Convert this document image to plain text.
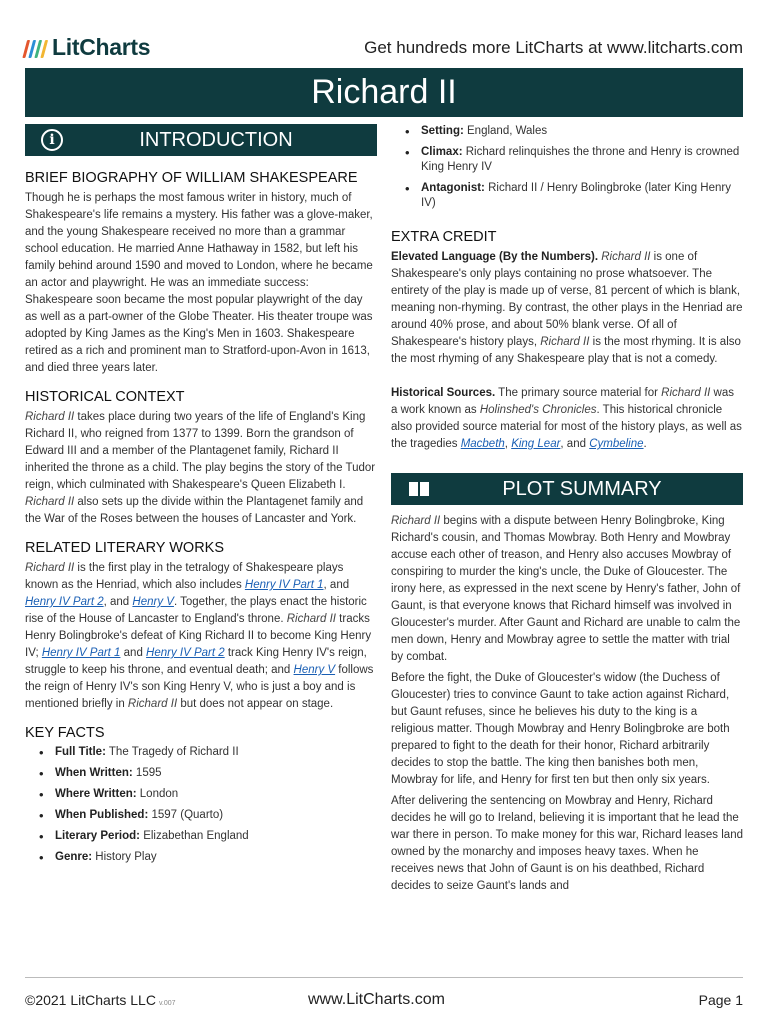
LitCharts	Get hundreds more LitCharts at www.litcharts.com
Richard II
i	INTRODUCTION
BRIEF BIOGRAPHY OF WILLIAM SHAKESPEARE

Though he is perhaps the most famous writer in history, much of Shakespeare's life remains a mystery. His father was a glove-maker, and the young Shakespeare received no more than a grammar school education. He married Anne Hathaway in 1582, but left his family behind around 1590 and moved to London, where he became an actor and playwright. He was an immediate success: Shakespeare soon became the most popular playwright of the day as well as a part-owner of the Globe Theater. His theater troupe was adopted by King James as the King's Men in 1603. Shakespeare retired as a rich and prominent man to Stratford-upon-Avon in 1613, and died three years later.

HISTORICAL CONTEXT

Richard II takes place during two years of the life of England's King Richard II, who reigned from 1377 to 1399. Born the grandson of Edward III and a member of the Plantagenet family, Richard II inherited the throne as a child. The play begins the story of the Tudor reign, which culminated with Shakespeare's Queen Elizabeth I. Richard II also sets up the divide within the Plantagenet family and the War of the Roses between the houses of Lancaster and York.

RELATED LITERARY WORKS

Richard II is the first play in the tetralogy of Shakespeare plays known as the Henriad, which also includes Henry IV Part 1, and Henry IV Part 2, and Henry V. Together, the plays enact the historic rise of the House of Lancaster to England's throne. Richard II tracks Henry Bolingbroke's defeat of King Richard II to become King Henry IV; Henry IV Part 1 and Henry IV Part 2 track King Henry IV's reign, struggle to keep his throne, and eventual death; and Henry V follows the reign of Henry IV's son King Henry V, who is just a boy and is mentioned briefly in Richard II but does not appear on stage.

KEY FACTS
• Full Title: The Tragedy of Richard II
• When Written: 1595
• Where Written: London
• When Published: 1597 (Quarto)
• Literary Period: Elizabethan England
• Genre: History Play
• Setting: England, Wales
• Climax: Richard relinquishes the throne and Henry is crowned King Henry IV
• Antagonist: Richard II / Henry Bolingbroke (later King Henry IV)
EXTRA CREDIT

Elevated Language (By the Numbers). Richard II is one of Shakespeare's only plays containing no prose whatsoever. The entirety of the play is made up of verse, 81 percent of which is blank, meaning non-rhyming. By contrast, the other plays in the Henriad are around 40% prose, and about 50% blank verse. Of all of Shakespeare's history plays, Richard II is the most rhyming. It is also the most rhyming of any Shakespeare play that is not a comedy.

Historical Sources. The primary source material for Richard II was a work known as Holinshed's Chronicles. This historical chronicle also provided source material for most of the history plays, as well as the tragedies Macbeth, King Lear, and Cymbeline.

PLOT SUMMARY

Richard II begins with a dispute between Henry Bolingbroke, King Richard's cousin, and Thomas Mowbray. Both Henry and Mowbray accuse each other of treason, and Henry also accuses Mowbray of conspiring to murder the king's uncle, the Duke of Gloucester. The irony here, as expressed in the next scene by Henry's father, John of Gaunt, is that everyone knows that Richard himself was involved in Gloucester's murder. After Gaunt and Richard are unable to calm the men down, Henry and Mowbray agree to settle the matter with trial by combat.

Before the fight, the Duke of Gloucester's widow (the Duchess of Gloucester) tries to convince Gaunt to take action against Richard, but Gaunt refuses, since he believes his duty to the king is a religious matter. Though Mowbray and Henry Bolingbroke are both prepared to fight to the death for their honor, Richard arbitrarily decides to stop the battle. The king then banishes both men, Mowbray for life, and Henry for first ten but then only six years.

After delivering the sentencing on Mowbray and Henry, Richard decides he will go to Ireland, believing it is important that he lead the war there in person. To make money for this war, Richard leases land owned by the monarchy and imposes heavy taxes. When he receives news that John of Gaunt is on his deathbed, Richard decides to seize Gaunt's lands and

©2021 LitCharts LLC v.007	www.LitCharts.com	Page 1
